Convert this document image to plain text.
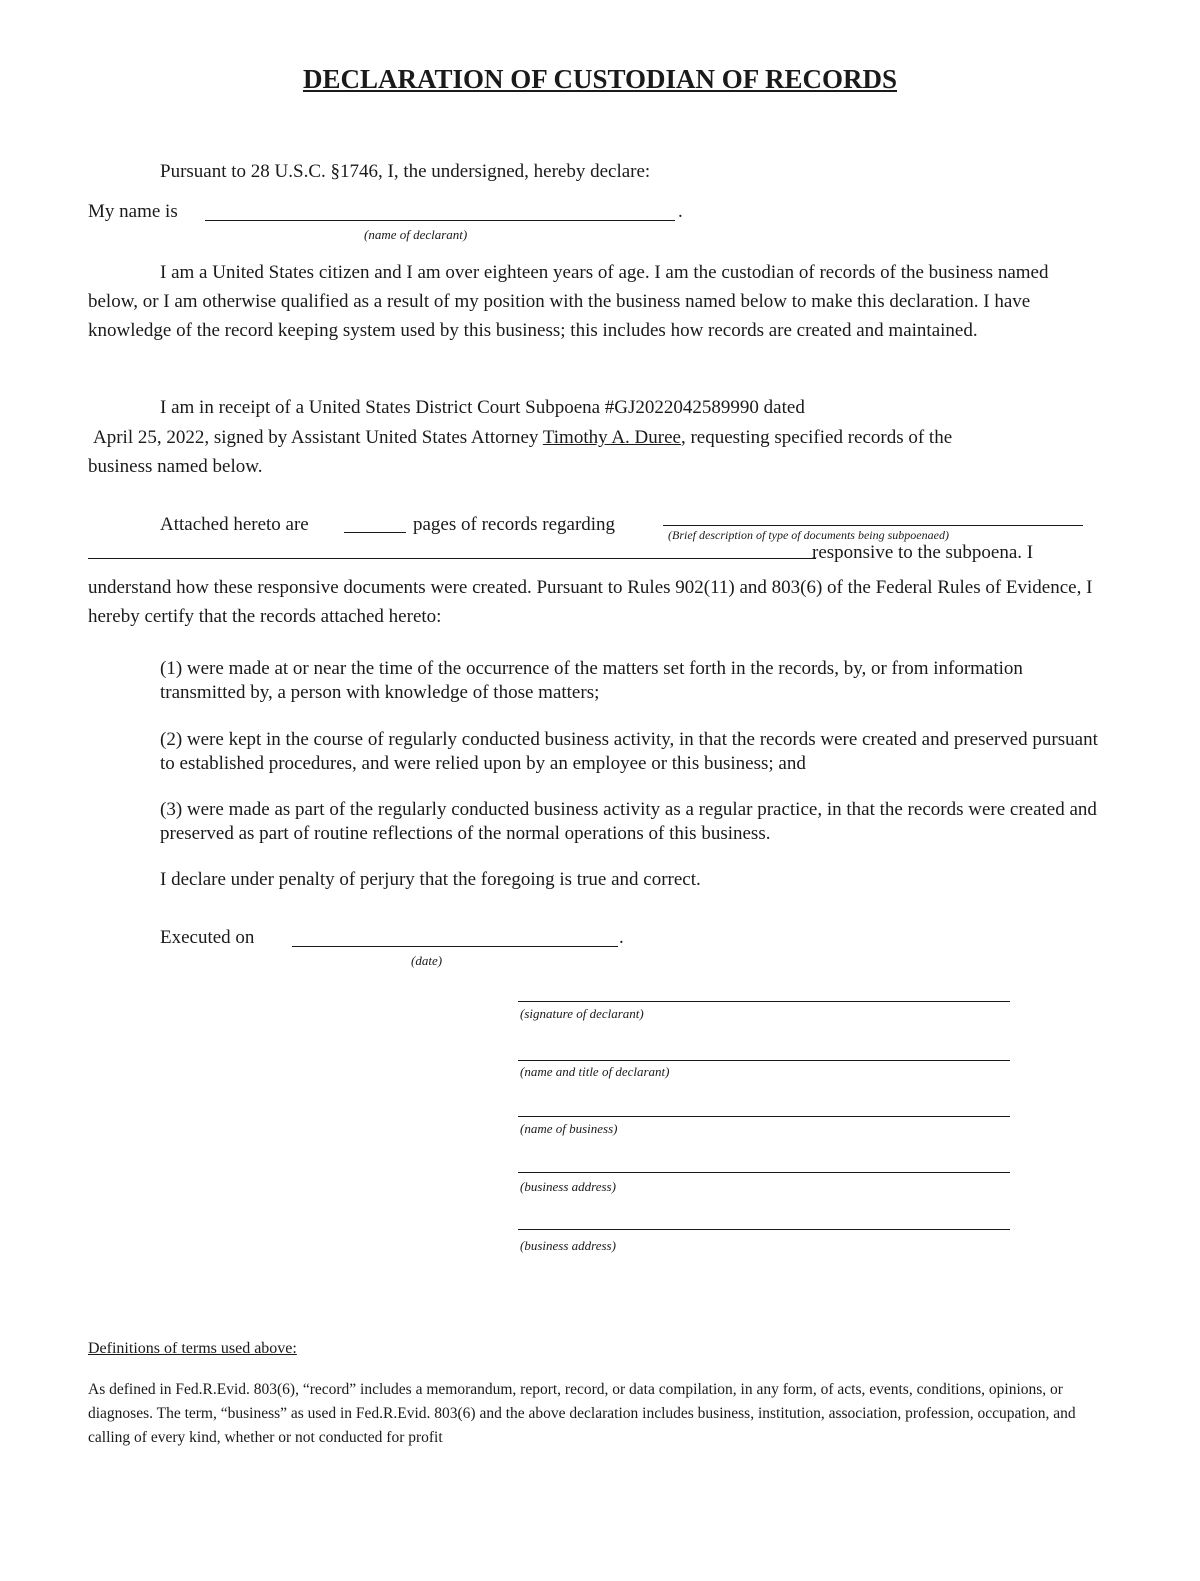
DECLARATION OF CUSTODIAN OF RECORDS
Pursuant to 28 U.S.C. §1746, I, the undersigned, hereby declare:
My name is	.
(name of declarant)
I am a United States citizen and I am over eighteen years of age. I am the custodian of records of the business named below, or I am otherwise qualified as a result of my position with the business named below to make this declaration. I have knowledge of the record keeping system used by this business; this includes how records are created and maintained.
I am in receipt of a United States District Court Subpoena #GJ2022042589990 dated
April 25, 2022, signed by Assistant United States Attorney Timothy A. Duree, requesting specified records of the
business named below.
Attached hereto are	pages of records regarding	(Brief description of type of documents being subpoenaed)
responsive to the subpoena. I
understand how these responsive documents were created. Pursuant to Rules 902(11) and 803(6) of the Federal Rules of Evidence, I hereby certify that the records attached hereto:
(1) were made at or near the time of the occurrence of the matters set forth in the records, by, or from information transmitted by, a person with knowledge of those matters;
(2) were kept in the course of regularly conducted business activity, in that the records were created and preserved pursuant to established procedures, and were relied upon by an employee or this business; and
(3) were made as part of the regularly conducted business activity as a regular practice, in that the records were created and preserved as part of routine reflections of the normal operations of this business.
I declare under penalty of perjury that the foregoing is true and correct.
Executed on	.
(date)
(signature of declarant)
(name and title of declarant)
(name of business)
(business address)
(business address)
Definitions of terms used above:
As defined in Fed.R.Evid. 803(6), “record” includes a memorandum, report, record, or data compilation, in any form, of acts, events, conditions, opinions, or diagnoses. The term, “business” as used in Fed.R.Evid. 803(6) and the above declaration includes business, institution, association, profession, occupation, and calling of every kind, whether or not conducted for profit
